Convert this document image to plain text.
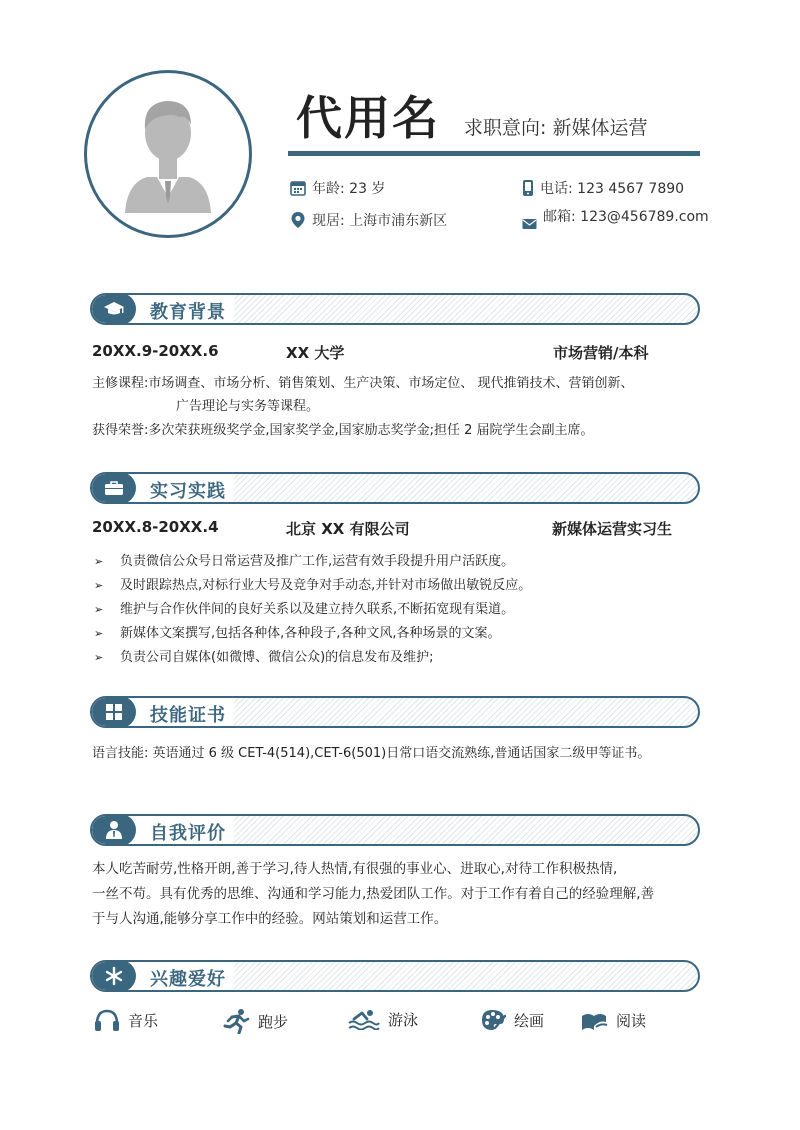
代用名 求职意向: 新媒体运营
年龄: 23 岁
现居: 上海市浦东新区
电话: 123 4567 7890
邮箱: 123@456789.com
教育背景
20XX.9-20XX.6	XX 大学	市场营销/本科
主修课程:市场调查、市场分析、销售策划、生产决策、市场定位、 现代推销技术、营销创新、
广告理论与实务等课程。
获得荣誉:多次荣获班级奖学金,国家奖学金,国家励志奖学金;担任 2 届院学生会副主席。
实习实践
20XX.8-20XX.4	北京 XX 有限公司	新媒体运营实习生
➢ 负责微信公众号日常运营及推广工作,运营有效手段提升用户活跃度。
➢ 及时跟踪热点,对标行业大号及竞争对手动态,并针对市场做出敏锐反应。
➢ 维护与合作伙伴间的良好关系以及建立持久联系,不断拓宽现有渠道。
➢ 新媒体文案撰写,包括各种体,各种段子,各种文风,各种场景的文案。
➢ 负责公司自媒体(如微博、微信公众)的信息发布及维护;
技能证书
语言技能: 英语通过 6 级 CET-4(514),CET-6(501)日常口语交流熟练,普通话国家二级甲等证书。
自我评价
本人吃苦耐劳,性格开朗,善于学习,待人热情,有很强的事业心、进取心,对待工作积极热情,
一丝不苟。具有优秀的思维、沟通和学习能力,热爱团队工作。对于工作有着自己的经验理解,善
于与人沟通,能够分享工作中的经验。网站策划和运营工作。
兴趣爱好
音乐	跑步	游泳	绘画	阅读
